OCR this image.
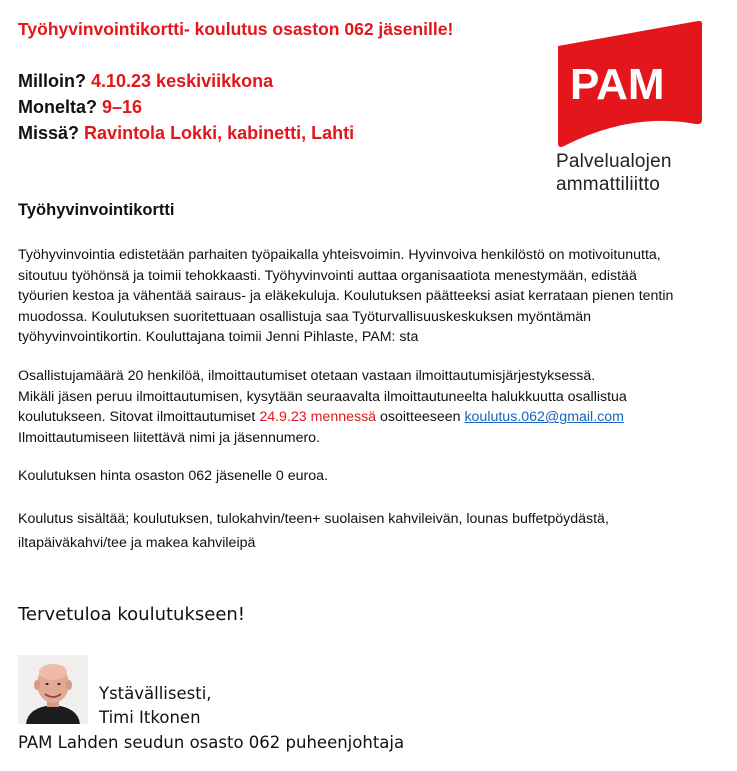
Työhyvinvointikortti- koulutus osaston 062 jäsenille!
Milloin? 4.10.23 keskiviikkona
Monelta? 9–16
Missä? Ravintola Lokki, kabinetti, Lahti
PAM
Palvelualojen
ammattiliitto
Työhyvinvointikortti
Työhyvinvointia edistetään parhaiten työpaikalla yhteisvoimin. Hyvinvoiva henkilöstö on motivoitunutta,
sitoutuu työhönsä ja toimii tehokkaasti. Työhyvinvointi auttaa organisaatiota menestymään, edistää
työurien kestoa ja vähentää sairaus- ja eläkekuluja. Koulutuksen päätteeksi asiat kerrataan pienen tentin
muodossa. Koulutuksen suoritettuaan osallistuja saa Työturvallisuuskeskuksen myöntämän
työhyvinvointikortin. Kouluttajana toimii Jenni Pihlaste, PAM: sta
Osallistujamäärä 20 henkilöä, ilmoittautumiset otetaan vastaan ilmoittautumisjärjestyksessä.
Mikäli jäsen peruu ilmoittautumisen, kysytään seuraavalta ilmoittautuneelta halukkuutta osallistua
koulutukseen. Sitovat ilmoittautumiset 24.9.23 mennessä osoitteeseen koulutus.062@gmail.com
Ilmoittautumiseen liitettävä nimi ja jäsennumero.
Koulutuksen hinta osaston 062 jäsenelle 0 euroa.
Koulutus sisältää; koulutuksen, tulokahvin/teen+ suolaisen kahvileivän, lounas buffetpöydästä,
iltapäiväkahvi/tee ja makea kahvileipä
Tervetuloa koulutukseen!
Ystävällisesti,
Timi Itkonen
PAM Lahden seudun osasto 062 puheenjohtaja
